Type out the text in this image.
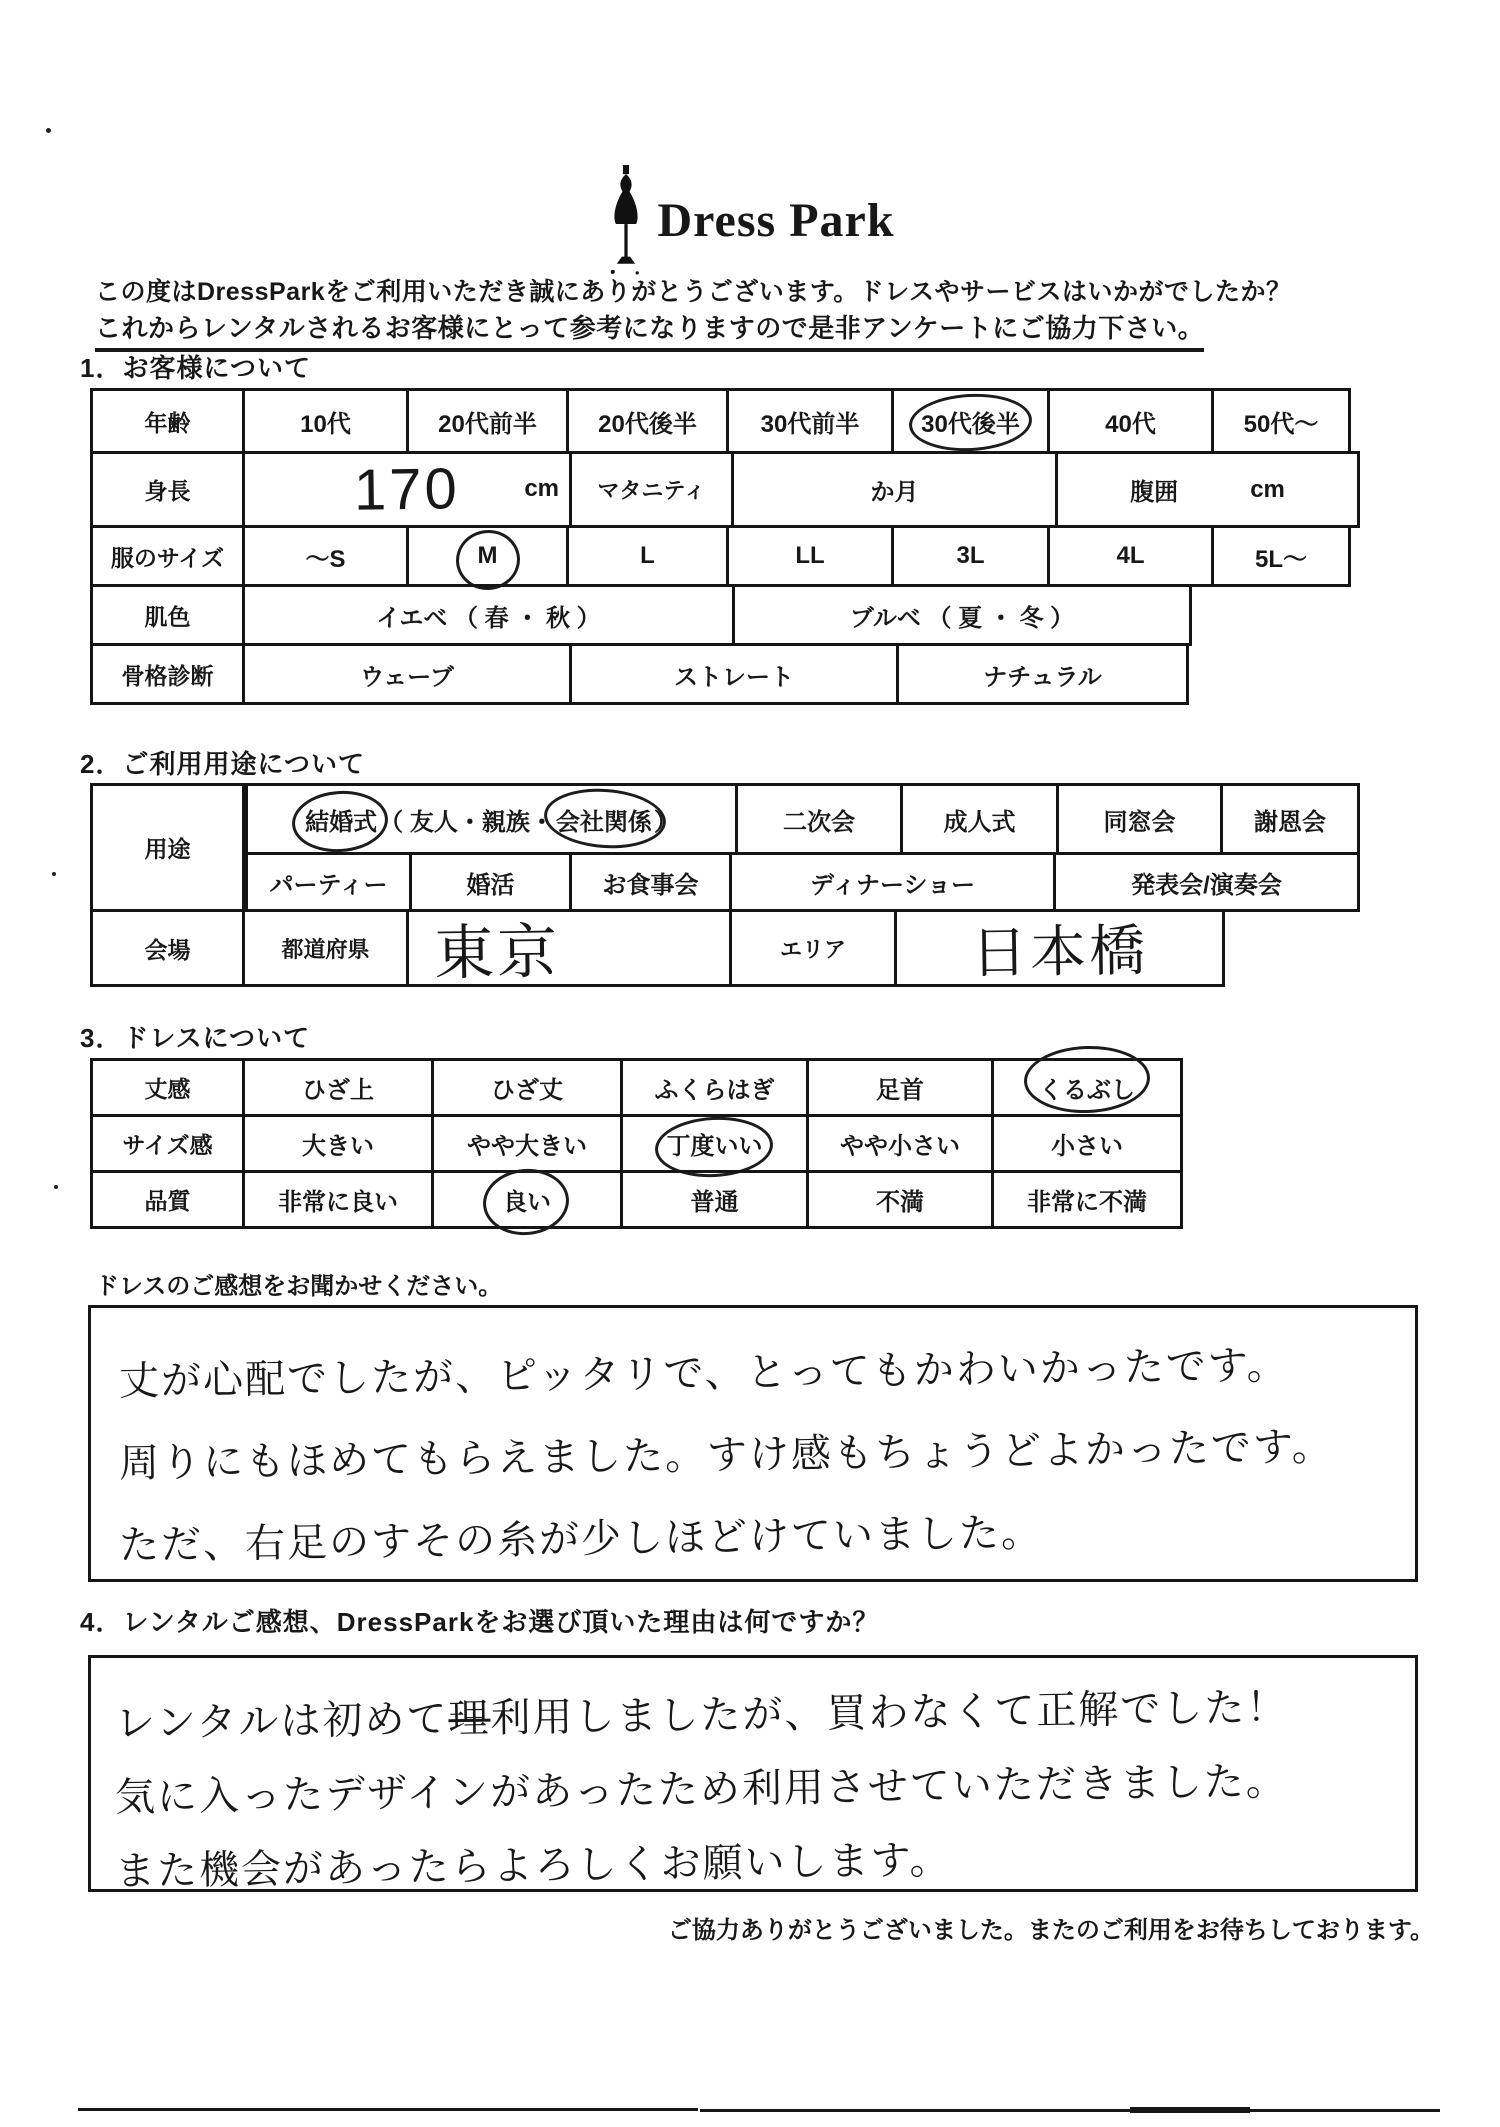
Dress Park
この度はDressParkをご利用いただき誠にありがとうございます。ドレスやサービスはいかがでしたか？
これからレンタルされるお客様にとって参考になりますので是非アンケートにご協力下さい。
1．お客様について
年齢	10代	20代前半	20代後半	30代前半	30代後半	40代	50代～
身長	170	cm	マタニティ	か月	腹囲	cm
服のサイズ	～S	M	L	LL	3L	4L	5L～
肌色	イエベ （ 春 ・ 秋 ）	ブルベ （ 夏 ・ 冬 ）
骨格診断	ウェーブ	ストレート	ナチュラル
2．ご利用用途について
用途
結婚式 （ 友人・親族・ 会社関係 ）	二次会	成人式	同窓会	謝恩会
パーティー	婚活	お食事会	ディナーショー	発表会/演奏会
会場	都道府県	東京	エリア	日本橋
3．ドレスについて
丈感	ひざ上	ひざ丈	ふくらはぎ	足首	くるぶし
サイズ感	大きい	やや大きい	丁度いい	やや小さい	小さい
品質	非常に良い	良い	普通	不満	非常に不満
ドレスのご感想をお聞かせください。
丈が心配でしたが、ピッタリで、とってもかわいかったです。
周りにもほめてもらえました。すけ感もちょうどよかったです。
ただ、右足のすその糸が少しほどけていました。
4．レンタルご感想、DressParkをお選び頂いた理由は何ですか？
レンタルは初めて理利用しましたが、買わなくて正解でした！
気に入ったデザインがあったため利用させていただきました。
また機会があったらよろしくお願いします。
ご協力ありがとうございました。またのご利用をお待ちしております。
